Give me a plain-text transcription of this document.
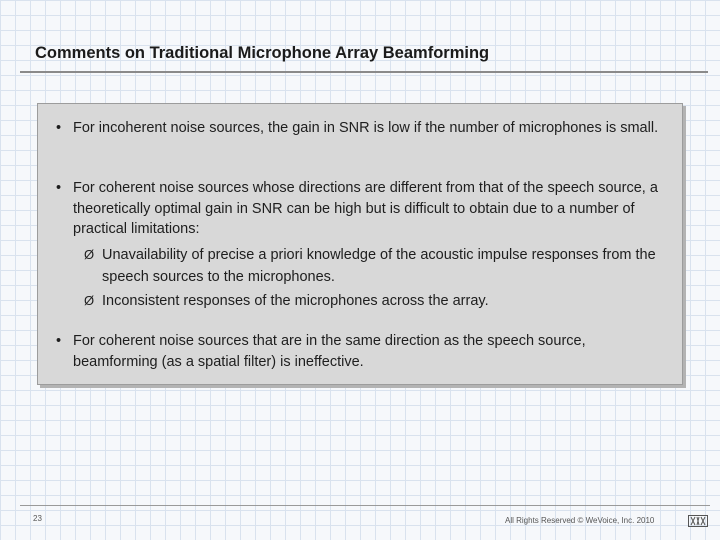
Comments on Traditional Microphone Array Beamforming
• For incoherent noise sources, the gain in SNR is low if the number of microphones is small.
• For coherent noise sources whose directions are different from that of the speech source, a theoretically optimal gain in SNR can be high but is difficult to obtain due to a number of practical limitations:
Ø Unavailability of precise a priori knowledge of the acoustic impulse responses from the speech sources to the microphones.
Ø Inconsistent responses of the microphones across the array.
• For coherent noise sources that are in the same direction as the speech source, beamforming (as a spatial filter) is ineffective.
23	All Rights Reserved © WeVoice, Inc. 2010
